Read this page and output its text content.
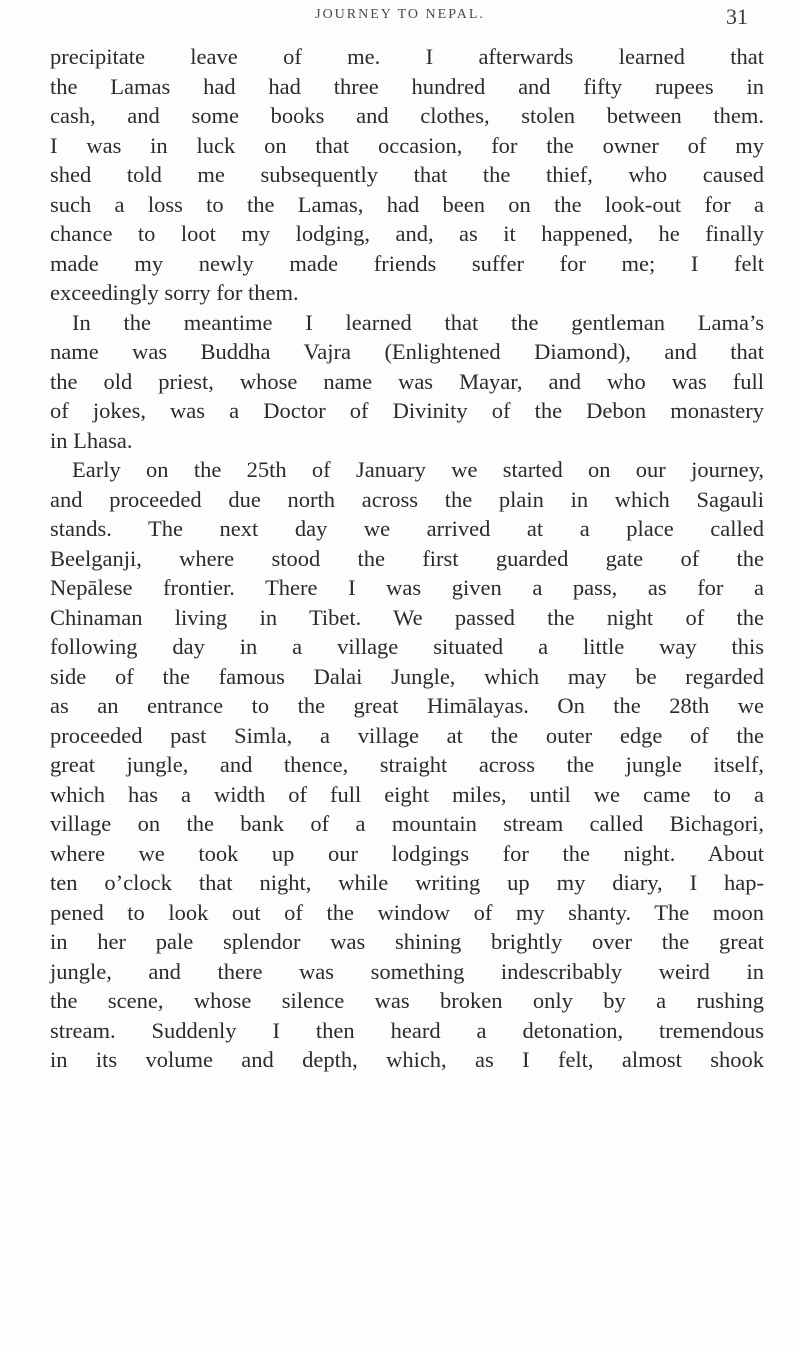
JOURNEY TO NEPAL.	31
precipitate leave of me. I afterwards learned that
the Lamas had had three hundred and fifty rupees in
cash, and some books and clothes, stolen between them.
I was in luck on that occasion, for the owner of my
shed told me subsequently that the thief, who caused
such a loss to the Lamas, had been on the look-out for a
chance to loot my lodging, and, as it happened, he finally
made my newly made friends suffer for me; I felt
exceedingly sorry for them.
In the meantime I learned that the gentleman Lama’s
name was Buddha Vajra (Enlightened Diamond), and that
the old priest, whose name was Mayar, and who was full
of jokes, was a Doctor of Divinity of the Debon monastery
in Lhasa.
Early on the 25th of January we started on our journey,
and proceeded due north across the plain in which Sagauli
stands. The next day we arrived at a place called
Beelganji, where stood the first guarded gate of the
Nepālese frontier. There I was given a pass, as for a
Chinaman living in Tibet. We passed the night of the
following day in a village situated a little way this
side of the famous Dalai Jungle, which may be regarded
as an entrance to the great Himālayas. On the 28th we
proceeded past Simla, a village at the outer edge of the
great jungle, and thence, straight across the jungle itself,
which has a width of full eight miles, until we came to a
village on the bank of a mountain stream called Bichagori,
where we took up our lodgings for the night. About
ten o’clock that night, while writing up my diary, I hap-
pened to look out of the window of my shanty. The moon
in her pale splendor was shining brightly over the great
jungle, and there was something indescribably weird in
the scene, whose silence was broken only by a rushing
stream. Suddenly I then heard a detonation, tremendous
in its volume and depth, which, as I felt, almost shook
